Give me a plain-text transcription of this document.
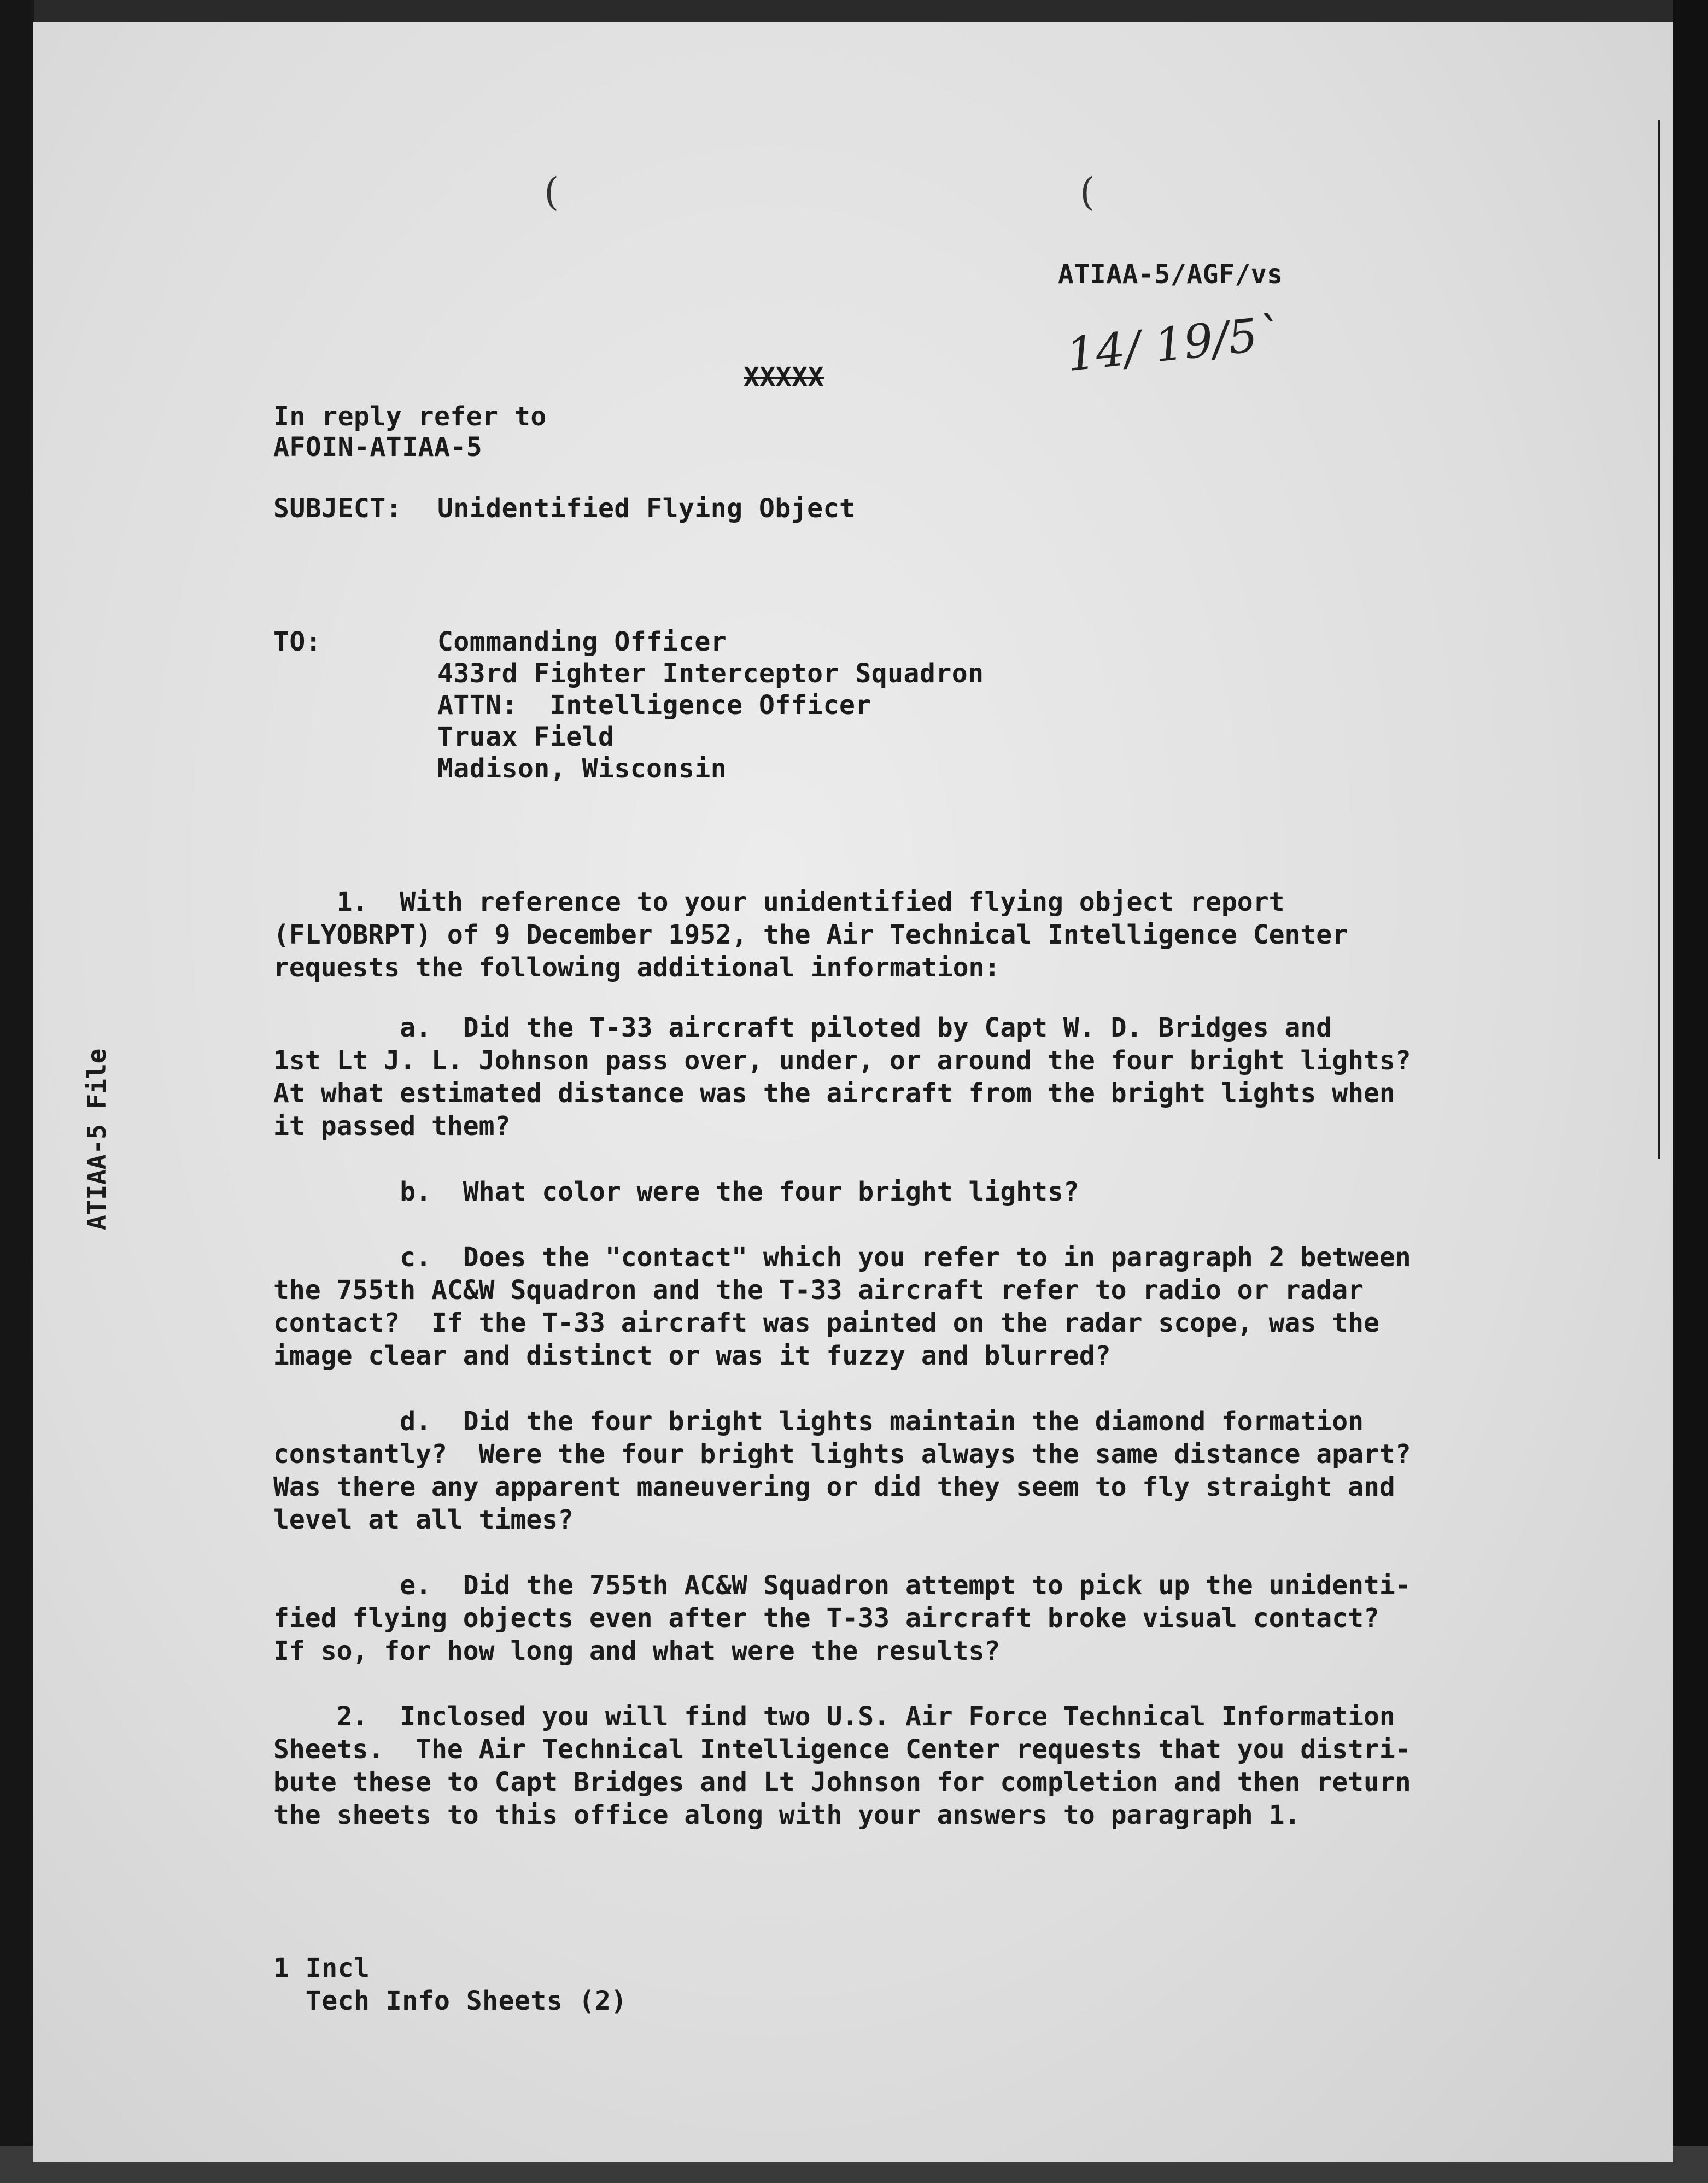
(	(
ATIAA-5/AGF/vs
14/ 19/5ˋ
XXXXX
In reply refer to
AFOIN-ATIAA-5
SUBJECT: Unidentified Flying Object
TO:	Commanding Officer
433rd Fighter Interceptor Squadron
ATTN:  Intelligence Officer
Truax Field
Madison, Wisconsin
ATIAA-5 File
1.  With reference to your unidentified flying object report
(FLYOBRPT) of 9 December 1952, the Air Technical Intelligence Center
requests the following additional information:
a.  Did the T-33 aircraft piloted by Capt W. D. Bridges and
1st Lt J. L. Johnson pass over, under, or around the four bright lights?
At what estimated distance was the aircraft from the bright lights when
it passed them?
b.  What color were the four bright lights?
c.  Does the "contact" which you refer to in paragraph 2 between
the 755th AC&W Squadron and the T-33 aircraft refer to radio or radar
contact?  If the T-33 aircraft was painted on the radar scope, was the
image clear and distinct or was it fuzzy and blurred?
d.  Did the four bright lights maintain the diamond formation
constantly?  Were the four bright lights always the same distance apart?
Was there any apparent maneuvering or did they seem to fly straight and
level at all times?
e.  Did the 755th AC&W Squadron attempt to pick up the unidenti-
fied flying objects even after the T-33 aircraft broke visual contact?
If so, for how long and what were the results?
2.  Inclosed you will find two U.S. Air Force Technical Information
Sheets.  The Air Technical Intelligence Center requests that you distri-
bute these to Capt Bridges and Lt Johnson for completion and then return
the sheets to this office along with your answers to paragraph 1.
1 Incl
Tech Info Sheets (2)
